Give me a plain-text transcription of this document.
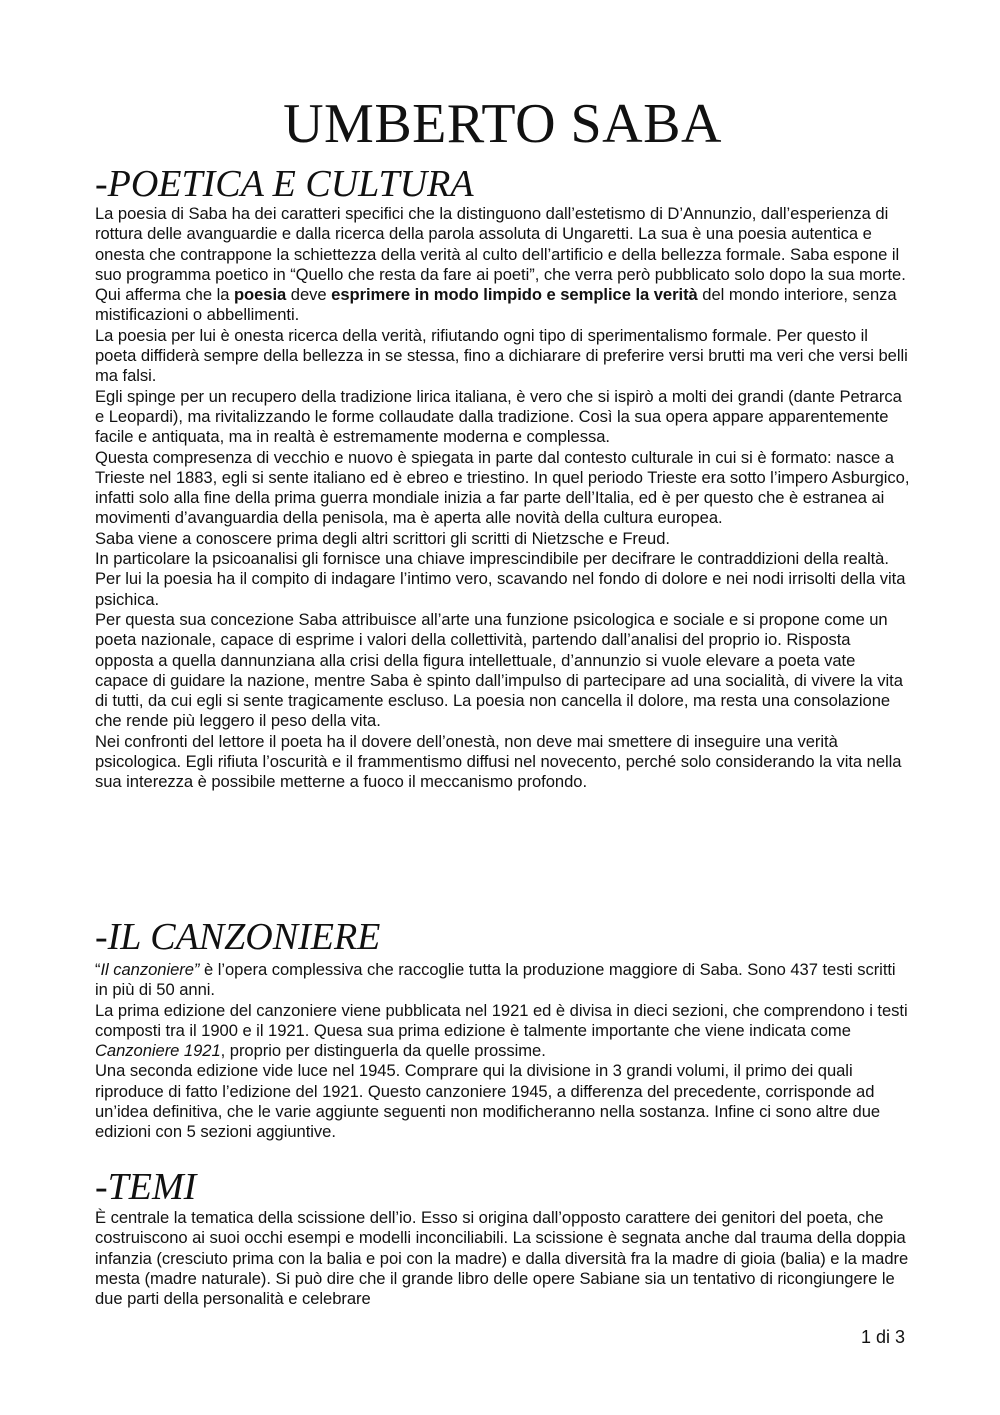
UMBERTO SABA
-POETICA E CULTURA

La poesia di Saba ha dei caratteri specifici che la distinguono dall’estetismo di D’Annunzio, dall’esperienza di rottura delle avanguardie e dalla ricerca della parola assoluta di Ungaretti. La sua è una poesia autentica e onesta che contrappone la schiettezza della verità al culto dell’artificio e della bellezza formale. Saba espone il suo programma poetico in “Quello che resta da fare ai poeti”, che verra però pubblicato solo dopo la sua morte.

Qui afferma che la poesia deve esprimere in modo limpido e semplice la verità del mondo interiore, senza mistificazioni o abbellimenti.

La poesia per lui è onesta ricerca della verità, rifiutando ogni tipo di sperimentalismo formale. Per questo il poeta diffiderà sempre della bellezza in se stessa, fino a dichiarare di preferire versi brutti ma veri che versi belli ma falsi.

Egli spinge per un recupero della tradizione lirica italiana, è vero che si ispirò a molti dei grandi (dante Petrarca e Leopardi), ma rivitalizzando le forme collaudate dalla tradizione. Così la sua opera appare apparentemente facile e antiquata, ma in realtà è estremamente moderna e complessa.

Questa compresenza di vecchio e nuovo è spiegata in parte dal contesto culturale in cui si è formato: nasce a Trieste nel 1883, egli si sente italiano ed è ebreo e triestino. In quel periodo Trieste era sotto l’impero Asburgico, infatti solo alla fine della prima guerra mondiale inizia a far parte dell’Italia, ed è per questo che è estranea ai movimenti d’avanguardia della penisola, ma è aperta alle novità della cultura europea.

Saba viene a conoscere prima degli altri scrittori gli scritti di Nietzsche e Freud.

In particolare la psicoanalisi gli fornisce una chiave imprescindibile per decifrare le contraddizioni della realtà. Per lui la poesia ha il compito di indagare l’intimo vero, scavando nel fondo di dolore e nei nodi irrisolti della vita psichica.

Per questa sua concezione Saba attribuisce all’arte una funzione psicologica e sociale e si propone come un poeta nazionale, capace di esprime i valori della collettività, partendo dall’analisi del proprio io. Risposta opposta a quella dannunziana alla crisi della figura intellettuale, d’annunzio si vuole elevare a poeta vate capace di guidare la nazione, mentre Saba è spinto dall’impulso di partecipare ad una socialità, di vivere la vita di tutti, da cui egli si sente tragicamente escluso. La poesia non cancella il dolore, ma resta una consolazione che rende più leggero il peso della vita.

Nei confronti del lettore il poeta ha il dovere dell’onestà, non deve mai smettere di inseguire una verità psicologica. Egli rifiuta l’oscurità e il frammentismo diffusi nel novecento, perché solo considerando la vita nella sua interezza è possibile metterne a fuoco il meccanismo profondo.

-IL CANZONIERE

“Il canzoniere” è l’opera complessiva che raccoglie tutta la produzione maggiore di Saba. Sono 437 testi scritti in più di 50 anni.

La prima edizione del canzoniere viene pubblicata nel 1921 ed è divisa in dieci sezioni, che comprendono i testi composti tra il 1900 e il 1921. Quesa sua prima edizione è talmente importante che viene indicata come Canzoniere 1921, proprio per distinguerla da quelle prossime.

Una seconda edizione vide luce nel 1945. Comprare qui la divisione in 3 grandi volumi, il primo dei quali riproduce di fatto l’edizione del 1921. Questo canzoniere 1945, a differenza del precedente, corrisponde ad un’idea definitiva, che le varie aggiunte seguenti non modificheranno nella sostanza. Infine ci sono altre due edizioni con 5 sezioni aggiuntive.

-TEMI

È centrale la tematica della scissione dell’io. Esso si origina dall’opposto carattere dei genitori del poeta, che costruiscono ai suoi occhi esempi e modelli inconciliabili. La scissione è segnata anche dal trauma della doppia infanzia (cresciuto prima con la balia e poi con la madre) e dalla diversità fra la madre di gioia (balia) e la madre mesta (madre naturale). Si può dire che il grande libro delle opere Sabiane sia un tentativo di ricongiungere le due parti della personalità e celebrare

1 di 3
